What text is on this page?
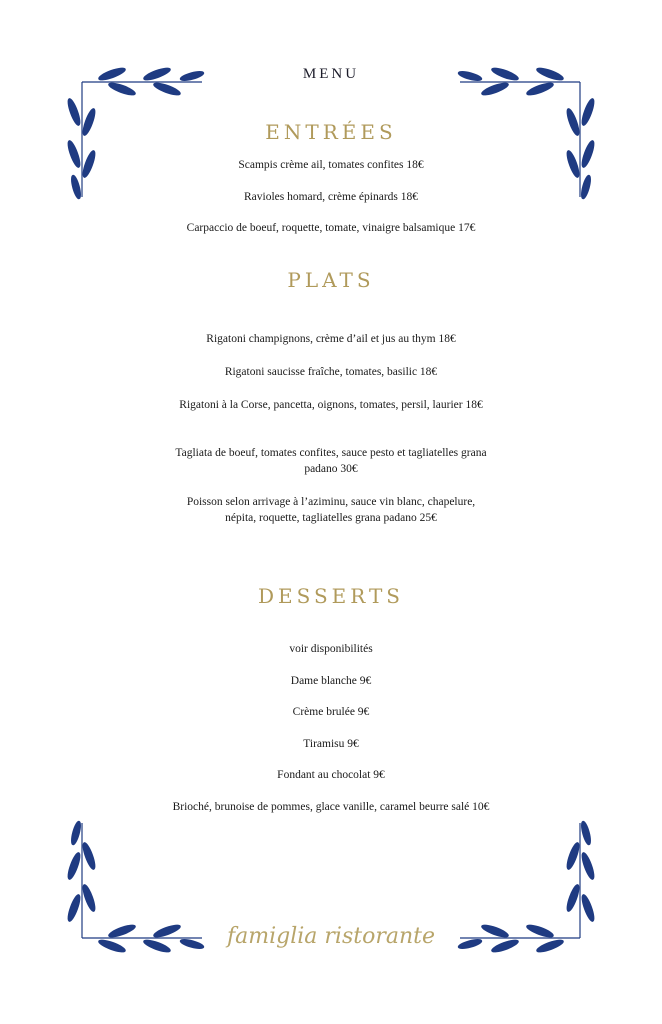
MENU
ENTRÉES
Scampis crème ail, tomates confites 18€
Ravioles homard, crème épinards 18€
Carpaccio de boeuf, roquette, tomate, vinaigre balsamique 17€
PLATS
Rigatoni champignons, crème d’ail et jus au thym 18€
Rigatoni saucisse fraîche, tomates, basilic 18€
Rigatoni à la Corse, pancetta, oignons, tomates, persil, laurier 18€
Tagliata de boeuf, tomates confites, sauce pesto et tagliatelles grana padano 30€
Poisson selon arrivage à l’aziminu, sauce vin blanc, chapelure, népita, roquette, tagliatelles grana padano 25€
DESSERTS
voir disponibilités
Dame blanche 9€
Crème brulée 9€
Tiramisu 9€
Fondant au chocolat 9€
Brioché, brunoise de pommes, glace vanille, caramel beurre salé 10€
famiglia ristorante
